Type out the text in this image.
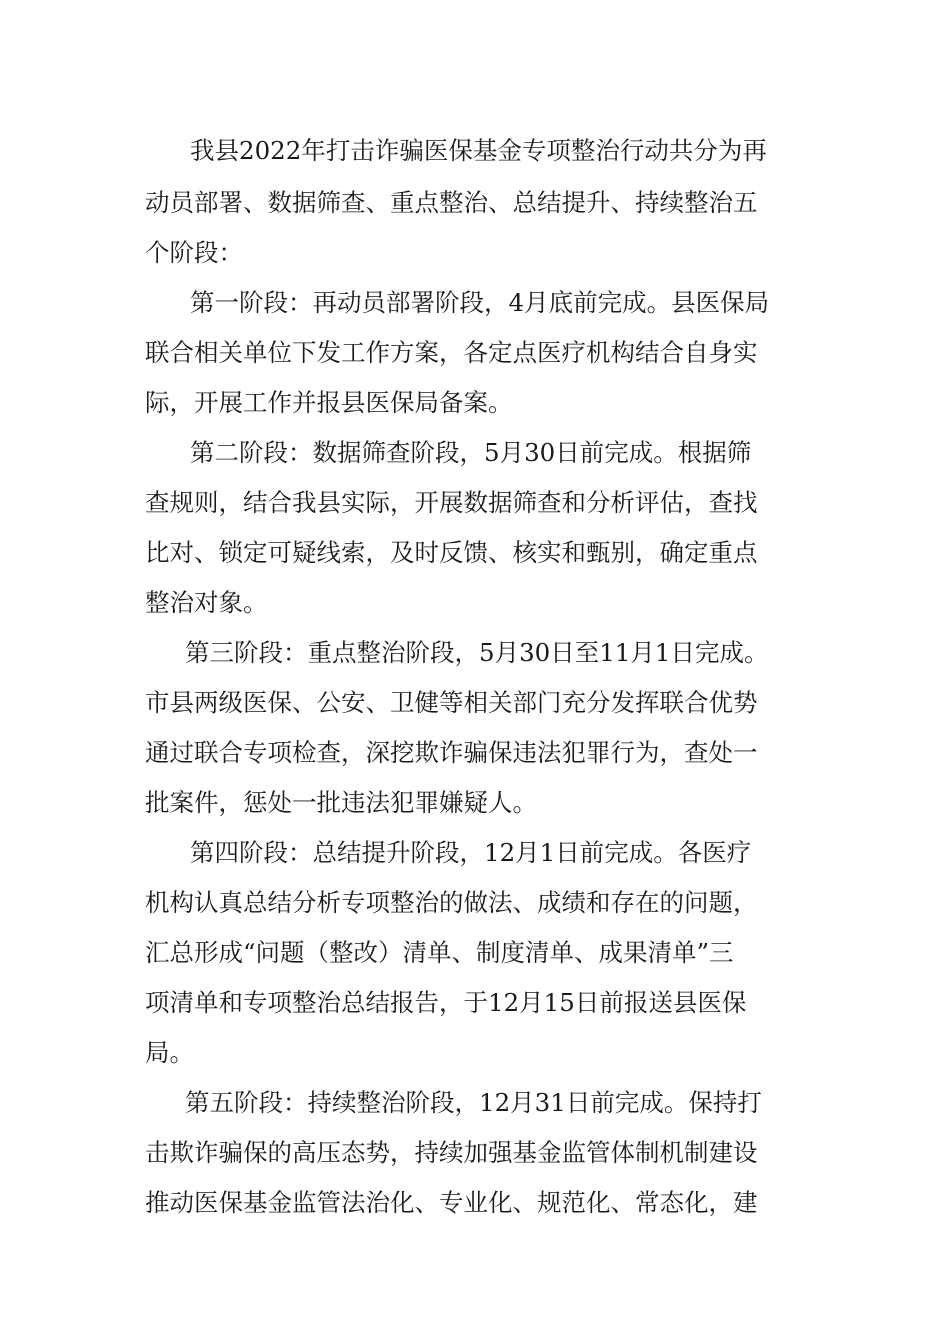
我县2022年打击诈骗医保基金专项整治行动共分为再
动员部署、数据筛查、重点整治、总结提升、持续整治五
个阶段：
第一阶段：再动员部署阶段，4月底前完成。县医保局
联合相关单位下发工作方案，各定点医疗机构结合自身实
际，开展工作并报县医保局备案。
第二阶段：数据筛查阶段，5月30日前完成。根据筛
查规则，结合我县实际，开展数据筛查和分析评估，查找
比对、锁定可疑线索，及时反馈、核实和甄别，确定重点
整治对象。
第三阶段：重点整治阶段，5月30日至11月1日完成。
市县两级医保、公安、卫健等相关部门充分发挥联合优势
通过联合专项检查，深挖欺诈骗保违法犯罪行为，查处一
批案件，惩处一批违法犯罪嫌疑人。
第四阶段：总结提升阶段，12月1日前完成。各医疗
机构认真总结分析专项整治的做法、成绩和存在的问题，
汇总形成“问题（整改）清单、制度清单、成果清单”三
项清单和专项整治总结报告，于12月15日前报送县医保
局。
第五阶段：持续整治阶段，12月31日前完成。保持打
击欺诈骗保的高压态势，持续加强基金监管体制机制建设
推动医保基金监管法治化、专业化、规范化、常态化，建
